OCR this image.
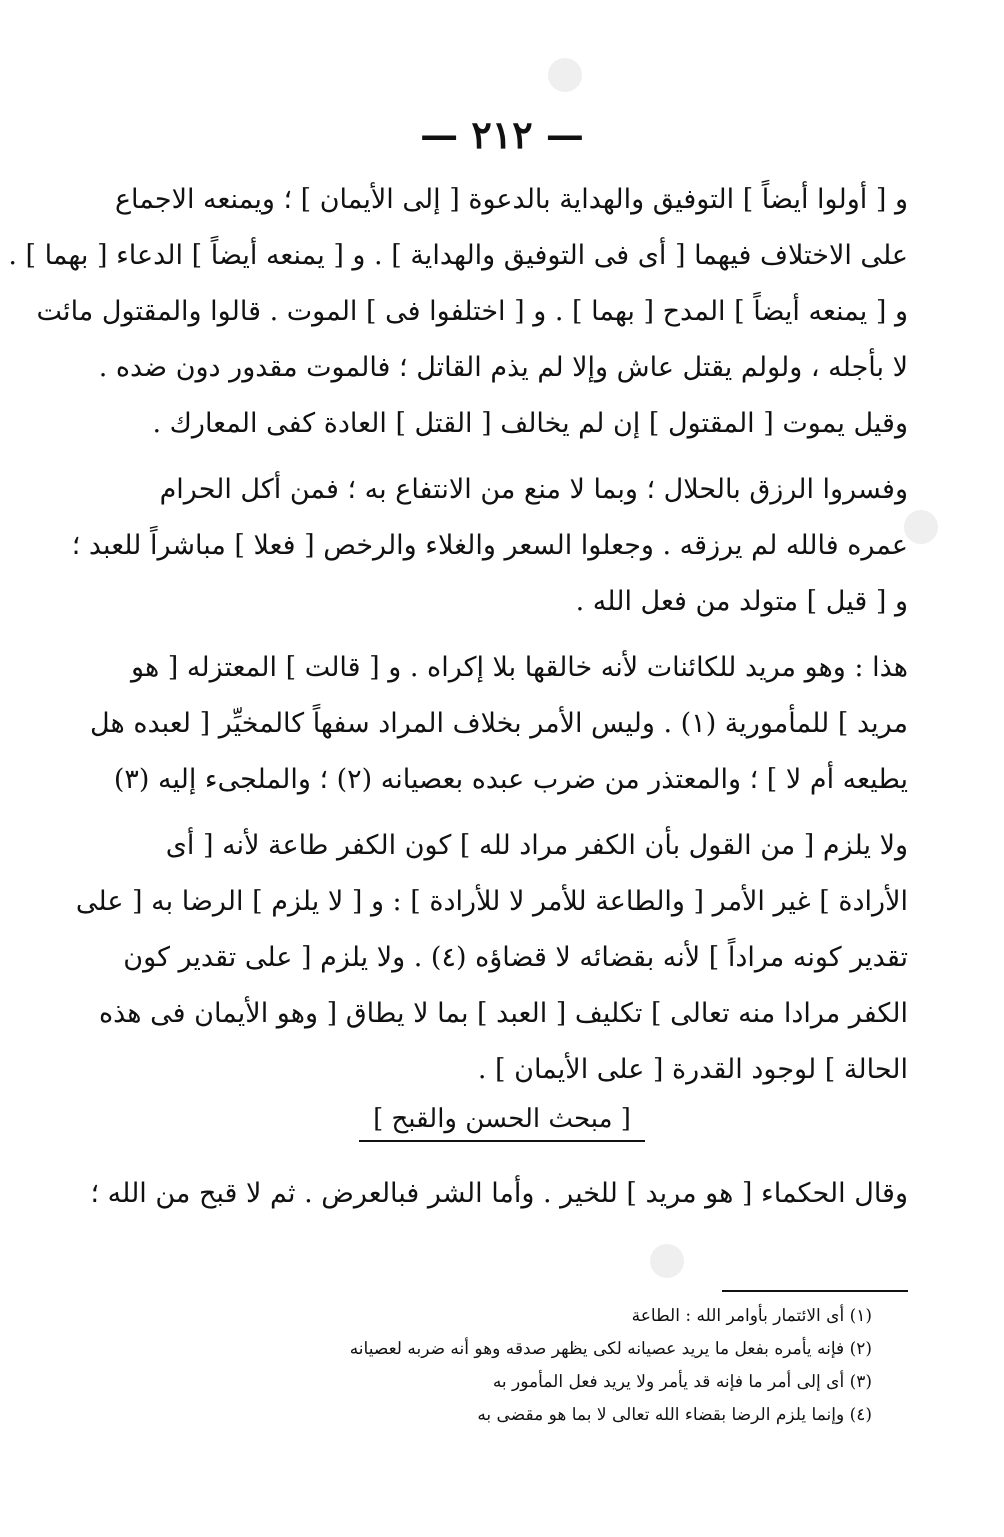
— ٢١٢ —
و [ أولوا أيضاً ] التوفيق والهداية بالدعوة [ إلى الأيمان ] ؛ ويمنعه الاجماع
على الاختلاف فيهما [ أى فى التوفيق والهداية ] . و [ يمنعه أيضاً ] الدعاء [ بهما ] .
و [ يمنعه أيضاً ] المدح [ بهما ] . و [ اختلفوا فى ] الموت . قالوا والمقتول مائت
لا بأجله ، ولولم يقتل عاش وإلا لم يذم القاتل ؛ فالموت مقدور دون ضده .
وقيل يموت [ المقتول ] إن لم يخالف [ القتل ] العادة كفى المعارك .
وفسروا الرزق بالحلال ؛ وبما لا منع من الانتفاع به ؛ فمن أكل الحرام
عمره فالله لم يرزقه . وجعلوا السعر والغلاء والرخص [ فعلا ] مباشراً للعبد ؛
و [ قيل ] متولد من فعل الله .
هذا : وهو مريد للكائنات لأنه خالقها بلا إكراه . و [ قالت ] المعتزله [ هو
مريد ] للمأمورية (١) . وليس الأمر بخلاف المراد سفهاً كالمخيِّر [ لعبده هل
يطيعه أم لا ] ؛ والمعتذر من ضرب عبده بعصيانه (٢) ؛ والملجىء إليه (٣)
ولا يلزم [ من القول بأن الكفر مراد لله ] كون الكفر طاعة لأنه [ أى
الأرادة ] غير الأمر [ والطاعة للأمر لا للأرادة ] : و [ لا يلزم ] الرضا به [ على
تقدير كونه مراداً ] لأنه بقضائه لا قضاؤه (٤) . ولا يلزم [ على تقدير كون
الكفر مرادا منه تعالى ] تكليف [ العبد ] بما لا يطاق [ وهو الأيمان فى هذه
الحالة ] لوجود القدرة [ على الأيمان ] .
[ مبحث الحسن والقبح ]
وقال الحكماء [ هو مريد ] للخير . وأما الشر فبالعرض . ثم لا قبح من الله ؛
(١) أى الائتمار بأوامر الله : الطاعة
(٢) فإنه يأمره بفعل ما يريد عصيانه لكى يظهر صدقه وهو أنه ضربه لعصيانه
(٣) أى إلى أمر ما فإنه قد يأمر ولا يريد فعل المأمور به
(٤) وإنما يلزم الرضا بقضاء الله تعالى لا بما هو مقضى به
